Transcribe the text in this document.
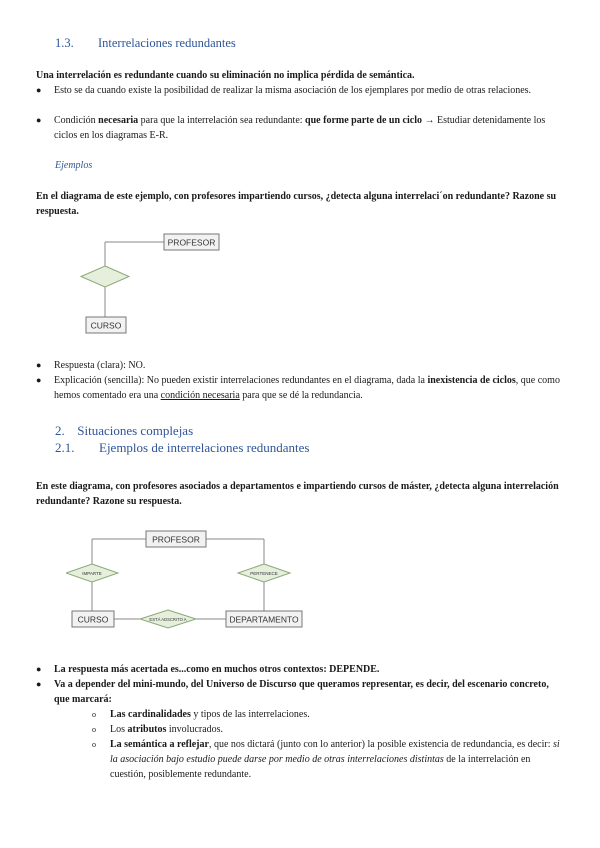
1.3. Interrelaciones redundantes
Una interrelación es redundante cuando su eliminación no implica pérdida de semántica.
● Esto se da cuando existe la posibilidad de realizar la misma asociación de los ejemplares por medio de otras relaciones.
● Condición necesaria para que la interrelación sea redundante: que forme parte de un ciclo → Estudiar detenidamente los ciclos en los diagramas E-R.
Ejemplos
En el diagrama de este ejemplo, con profesores impartiendo cursos, ¿detecta alguna interrelaci´on redundante? Razone su respuesta.
PROFESOR
CURSO
● Respuesta (clara): NO.
● Explicación (sencilla): No pueden existir interrelaciones redundantes en el diagrama, dada la inexistencia de ciclos, que como hemos comentado era una condición necesaria para que se dé la redundancia.
2. Situaciones complejas
2.1. Ejemplos de interrelaciones redundantes
En este diagrama, con profesores asociados a departamentos e impartiendo cursos de máster, ¿detecta alguna interrelación redundante? Razone su respuesta.
PROFESOR
CURSO	DEPARTAMENTO
IMPARTE	PERTENECE
ESTÁ ADSCRITO A
● La respuesta más acertada es...como en muchos otros contextos: DEPENDE.
● Va a depender del mini-mundo, del Universo de Discurso que queramos representar, es decir, del escenario concreto, que marcará:
o Las cardinalidades y tipos de las interrelaciones.
o Los atributos involucrados.
o La semántica a reflejar, que nos dictará (junto con lo anterior) la posible existencia de redundancia, es decir: si la asociación bajo estudio puede darse por medio de otras interrelaciones distintas de la interrelación en cuestión, posiblemente redundante.
